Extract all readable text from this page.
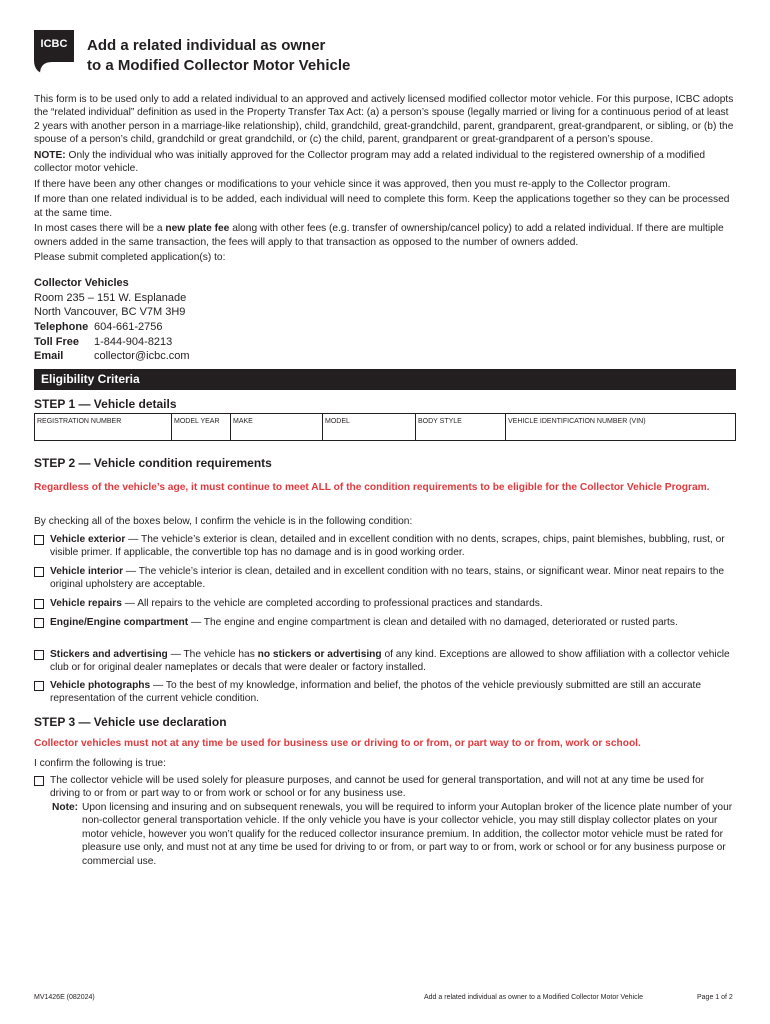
ICBC Add a related individual as owner
to a Modified Collector Motor Vehicle

This form is to be used only to add a related individual to an approved and actively licensed modified collector motor vehicle. For this purpose, ICBC adopts the “related individual” definition as used in the Property Transfer Tax Act: (a) a person’s spouse (legally married or living for a continuous period of at least 2 years with another person in a marriage-like relationship), child, grandchild, great-grandchild, parent, grandparent, great-grandparent, or sibling, or (b) the spouse of a person’s child, grandchild or great grandchild, or (c) the child, parent, grandparent or great-grandparent of a person’s spouse.

NOTE: Only the individual who was initially approved for the Collector program may add a related individual to the registered ownership of a modified collector motor vehicle.

If there have been any other changes or modifications to your vehicle since it was approved, then you must re-apply to the Collector program.

If more than one related individual is to be added, each individual will need to complete this form. Keep the applications together so they can be processed at the same time.

In most cases there will be a new plate fee along with other fees (e.g. transfer of ownership/cancel policy) to add a related individual. If there are multiple owners added in the same transaction, the fees will apply to that transaction as opposed to the number of owners added.

Please submit completed application(s) to:

Collector Vehicles
Room 235 – 151 W. Esplanade
North Vancouver, BC V7M 3H9
Telephone 604-661-2756
Toll Free	1-844-904-8213
Email	collector@icbc.com
Eligibility Criteria
STEP 1 — Vehicle details
REGISTRATION NUMBER	MODEL YEAR	MAKE	MODEL	BODY STYLE	VEHICLE IDENTIFICATION NUMBER (VIN)
STEP 2 — Vehicle condition requirements
Regardless of the vehicle’s age, it must continue to meet ALL of the condition requirements to be eligible for the Collector Vehicle Program.
By checking all of the boxes below, I confirm the vehicle is in the following condition:
Vehicle exterior — The vehicle’s exterior is clean, detailed and in excellent condition with no dents, scrapes, chips, paint blemishes, bubbling, rust, or visible primer. If applicable, the convertible top has no damage and is in good working order.
Vehicle interior — The vehicle’s interior is clean, detailed and in excellent condition with no tears, stains, or significant wear. Minor neat repairs to the original upholstery are acceptable.
Vehicle repairs — All repairs to the vehicle are completed according to professional practices and standards.
Engine/Engine compartment — The engine and engine compartment is clean and detailed with no damaged, deteriorated or rusted parts.
Stickers and advertising — The vehicle has no stickers or advertising of any kind. Exceptions are allowed to show affiliation with a collector vehicle club or for original dealer nameplates or decals that were dealer or factory installed.
Vehicle photographs — To the best of my knowledge, information and belief, the photos of the vehicle previously submitted are still an accurate representation of the current vehicle condition.
STEP 3 — Vehicle use declaration
Collector vehicles must not at any time be used for business use or driving to or from, or part way to or from, work or school.
I confirm the following is true:
The collector vehicle will be used solely for pleasure purposes, and cannot be used for general transportation, and will not at any time be used for driving to or from or part way to or from work or school or for any business use.
Note: Upon licensing and insuring and on subsequent renewals, you will be required to inform your Autoplan broker of the licence plate number of your non-collector general transportation vehicle. If the only vehicle you have is your collector vehicle, you may still display collector plates on your motor vehicle, however you won’t qualify for the reduced collector insurance premium. In addition, the collector motor vehicle must be rated for pleasure use only, and must not at any time be used for driving to or from, or part way to or from, work or school or for any business purpose or commercial use.
MV1426E (082024)	Add a related individual as owner to a Modified Collector Motor Vehicle	Page 1 of 2
